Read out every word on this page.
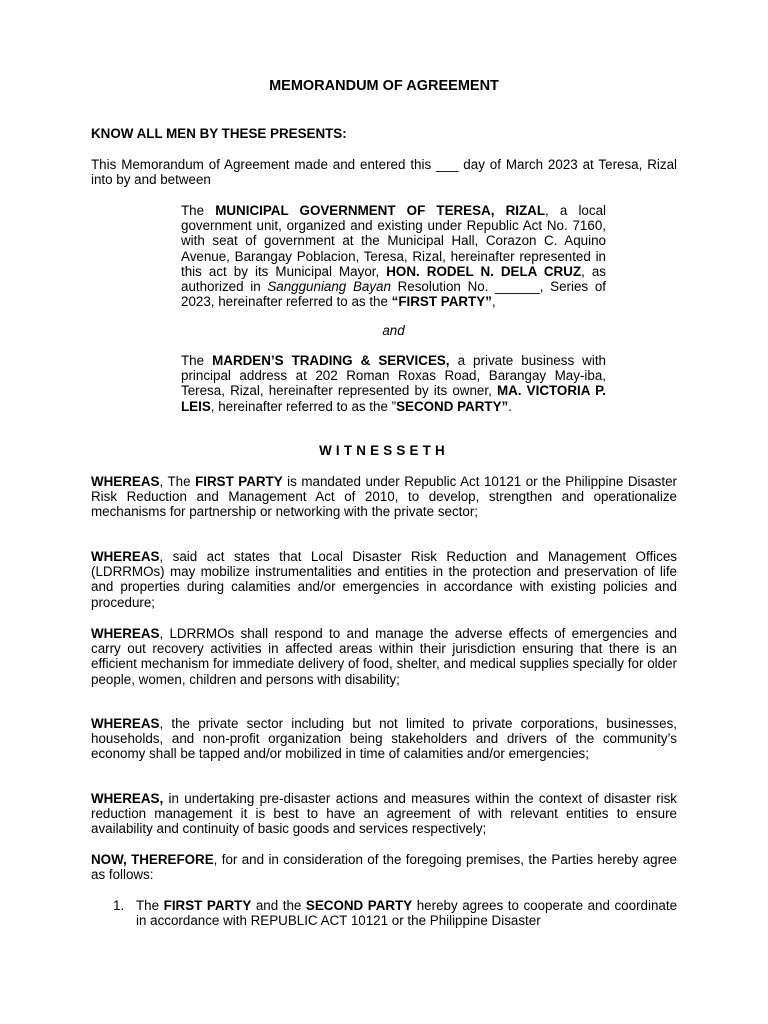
MEMORANDUM OF AGREEMENT
KNOW ALL MEN BY THESE PRESENTS:
This Memorandum of Agreement made and entered this ___ day of March 2023 at Teresa, Rizal into by and between
The MUNICIPAL GOVERNMENT OF TERESA, RIZAL, a local government unit, organized and existing under Republic Act No. 7160, with seat of government at the Municipal Hall, Corazon C. Aquino Avenue, Barangay Poblacion, Teresa, Rizal, hereinafter represented in this act by its Municipal Mayor, HON. RODEL N. DELA CRUZ, as authorized in Sangguniang Bayan Resolution No. ______, Series of 2023, hereinafter referred to as the “FIRST PARTY”,
and
The MARDEN’S TRADING & SERVICES, a private business with principal address at 202 Roman Roxas Road, Barangay May-iba, Teresa, Rizal, hereinafter represented by its owner, MA. VICTORIA P. LEIS, hereinafter referred to as the ”SECOND PARTY”.
WITNESSETH
WHEREAS, The FIRST PARTY is mandated under Republic Act 10121 or the Philippine Disaster Risk Reduction and Management Act of 2010, to develop, strengthen and operationalize mechanisms for partnership or networking with the private sector;
WHEREAS, said act states that Local Disaster Risk Reduction and Management Offices (LDRRMOs) may mobilize instrumentalities and entities in the protection and preservation of life and properties during calamities and/or emergencies in accordance with existing policies and procedure;
WHEREAS, LDRRMOs shall respond to and manage the adverse effects of emergencies and carry out recovery activities in affected areas within their jurisdiction ensuring that there is an efficient mechanism for immediate delivery of food, shelter, and medical supplies specially for older people, women, children and persons with disability;
WHEREAS, the private sector including but not limited to private corporations, businesses, households, and non-profit organization being stakeholders and drivers of the community’s economy shall be tapped and/or mobilized in time of calamities and/or emergencies;
WHEREAS, in undertaking pre-disaster actions and measures within the context of disaster risk reduction management it is best to have an agreement of with relevant entities to ensure availability and continuity of basic goods and services respectively;
NOW, THEREFORE, for and in consideration of the foregoing premises, the Parties hereby agree as follows:
1. The FIRST PARTY and the SECOND PARTY hereby agrees to cooperate and coordinate in accordance with REPUBLIC ACT 10121 or the Philippine Disaster
